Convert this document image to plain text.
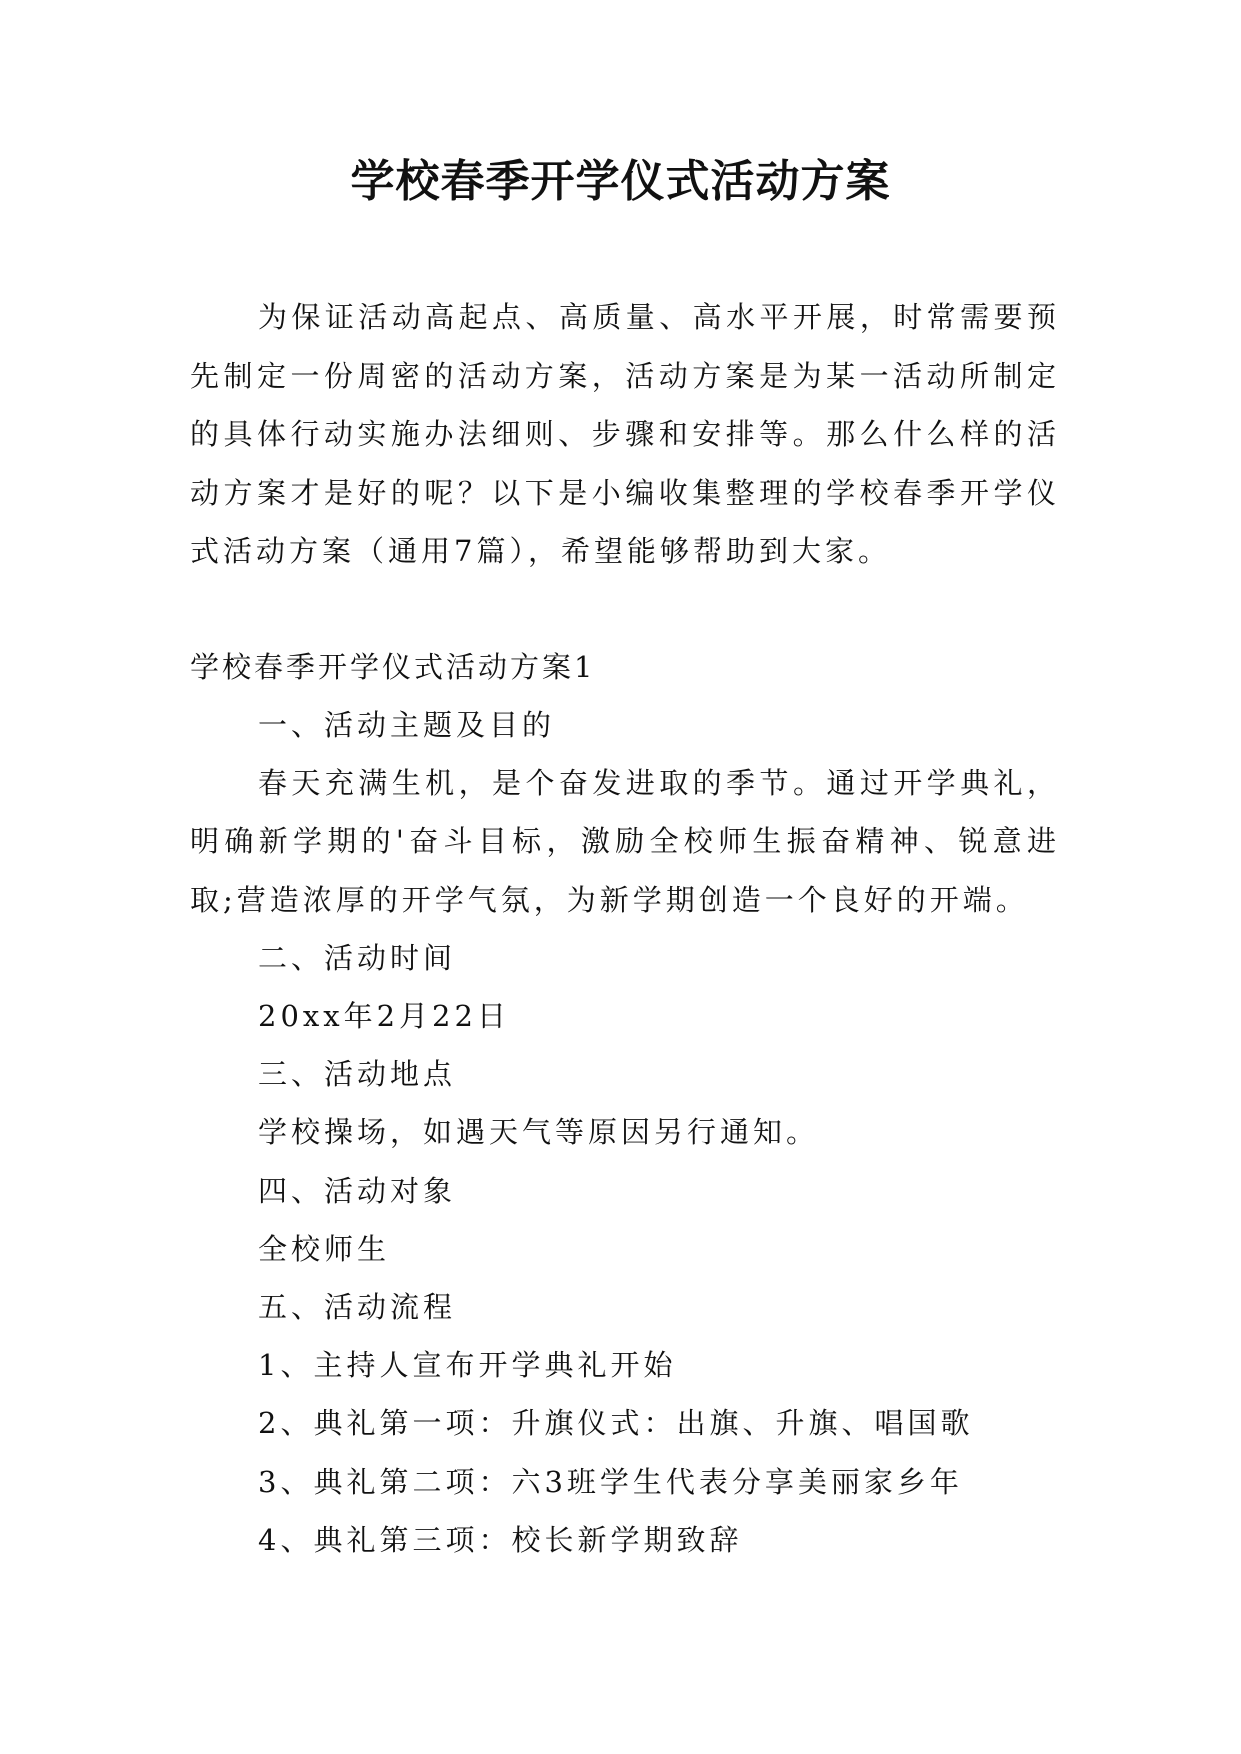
学校春季开学仪式活动方案

为保证活动高起点、高质量、高水平开展，时常需要预先制定一份周密的活动方案，活动方案是为某一活动所制定的具体行动实施办法细则、步骤和安排等。那么什么样的活动方案才是好的呢？以下是小编收集整理的学校春季开学仪式活动方案（通用7篇），希望能够帮助到大家。

学校春季开学仪式活动方案1

一、活动主题及目的

春天充满生机，是个奋发进取的季节。通过开学典礼，明确新学期的'奋斗目标，激励全校师生振奋精神、锐意进取;营造浓厚的开学气氛，为新学期创造一个良好的开端。

二、活动时间

20xx年2月22日

三、活动地点

学校操场，如遇天气等原因另行通知。

四、活动对象

全校师生

五、活动流程

1、主持人宣布开学典礼开始

2、典礼第一项：升旗仪式：出旗、升旗、唱国歌

3、典礼第二项：六3班学生代表分享美丽家乡年

4、典礼第三项：校长新学期致辞
